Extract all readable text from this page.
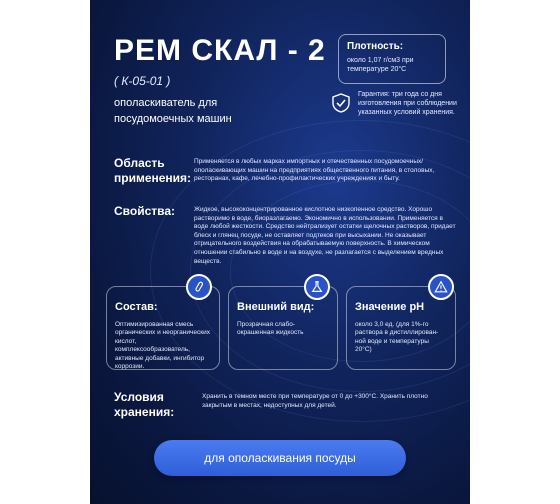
РЕМ СКАЛ - 2
( К-05-01 )
ополаскиватель для посудомоечных машин
Плотность:
около 1,07 г/см3 при температуре 20°С
Гарантия: три года со дня изготовления при соблюдении указанных условий хранения.
Область применения:
Применяется в любых марках импортных и отечественных посудомоечных/ополаскивающих машин на предприятиях общественного питания, в столовых, ресторанах, кафе, лечебно-профилактических учреждениях и быту.
Свойства:	Жидкое, высококонцентрированное кислотное низкопенное средство. Хорошо растворимо в воде, биоразлагаемо. Экономично в использовании. Применяется в воде любой жесткости. Средство нейтрализует остатки щелочных растворов, придает блеск и глянец посуде, не оставляет подтеков при высыхании. Не оказывает отрицательного воздействия на обрабатываемую поверхность. В химическом отношении стабильно в воде и на воздухе, не разлагается с выделением вредных веществ.
Состав:
Оптимизированная смесь органических и неорганических кислот, комплексообразователь, активные добавки, ингибитор коррозии.
Внешний вид:
Прозрачная слабо-окрашенная жидкость
Значение рН
около 3,0 ед. (для 1%-го раствора в дистиллирован-ной воде и температуры 20°С)
Условия хранения:
Хранить в темном месте при температуре от 0 до +300°С. Хранить плотно закрытым в местах, недоступных для детей.
для ополаскивания посуды
